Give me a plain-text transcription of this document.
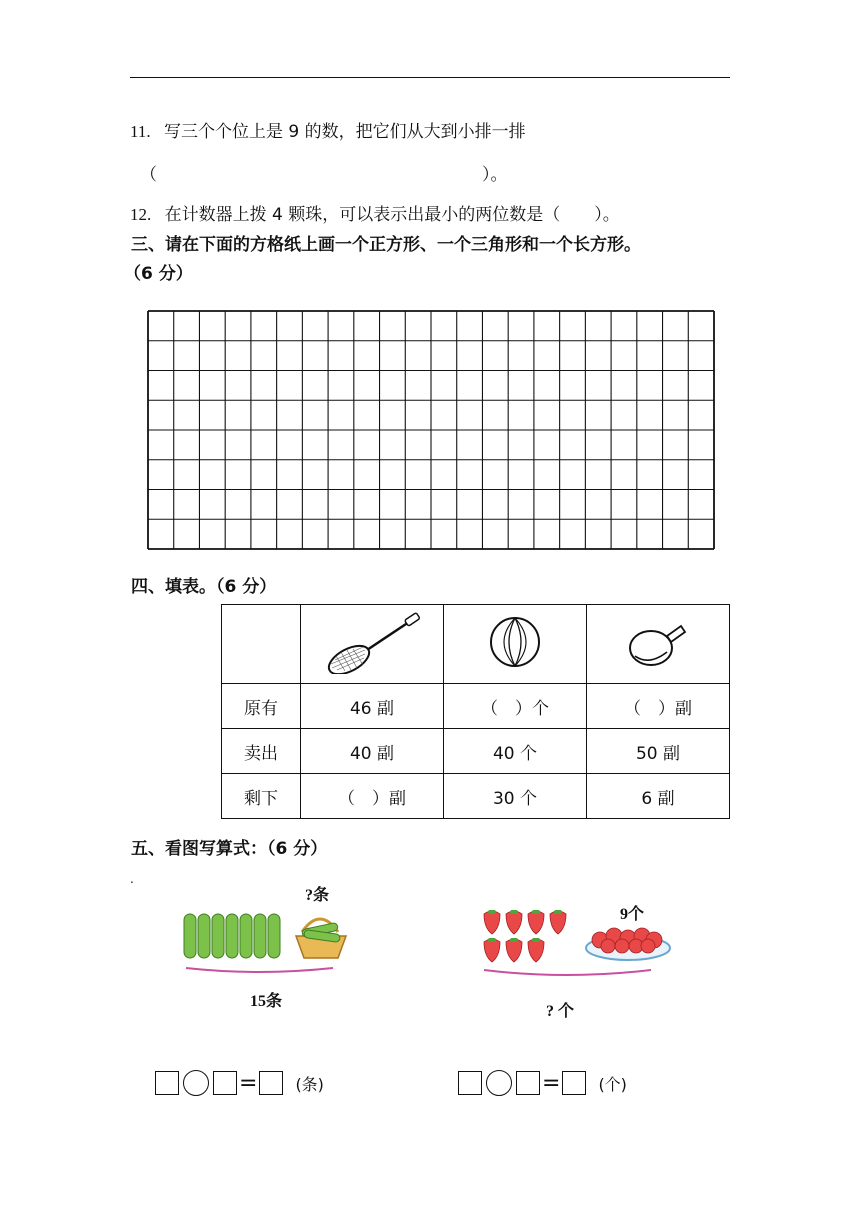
11. 写三个个位上是 9 的数，把它们从大到小排一排
（	）。
12. 在计数器上拨 4 颗珠，可以表示出最小的两位数是（　　）。
三、请在下面的方格纸上画一个正方形、一个三角形和一个长方形。
（6 分）
四、填表。（6 分）

原有	46 副	（　）个	（　）副
卖出	40 副	40 个	50 副
剩下	（　）副	30 个	6 副
五、看图写算式：（6 分）
.
?条
15条
9个
? 个
= (条)	= (个)
